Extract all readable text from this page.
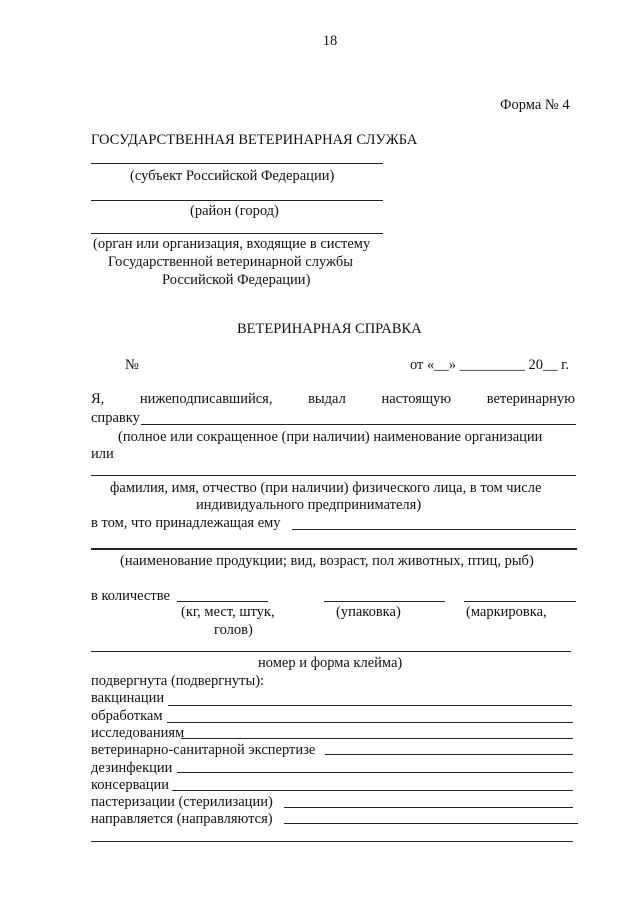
18
Форма № 4
ГОСУДАРСТВЕННАЯ ВЕТЕРИНАРНАЯ СЛУЖБА
(субъект Российской Федерации)
(район (город)
(орган или организация, входящие в систему
Государственной ветеринарной службы
Российской Федерации)
ВЕТЕРИНАРНАЯ СПРАВКА
№	от «__» _________ 20__ г.
Я, нижеподписавшийся, выдал настоящую ветеринарную
справку
(полное или сокращенное (при наличии) наименование организации
или
фамилия, имя, отчество (при наличии) физического лица, в том числе
индивидуального предпринимателя)
в том, что принадлежащая ему
(наименование продукции; вид, возраст, пол животных, птиц, рыб)
в количестве
(кг, мест, штук,
голов)
(упаковка)	(маркировка,
номер и форма клейма)
подвергнута (подвергнуты):
вакцинации
обработкам
исследованиям
ветеринарно-санитарной экспертизе
дезинфекции
консервации
пастеризации (стерилизации)
направляется (направляются)
